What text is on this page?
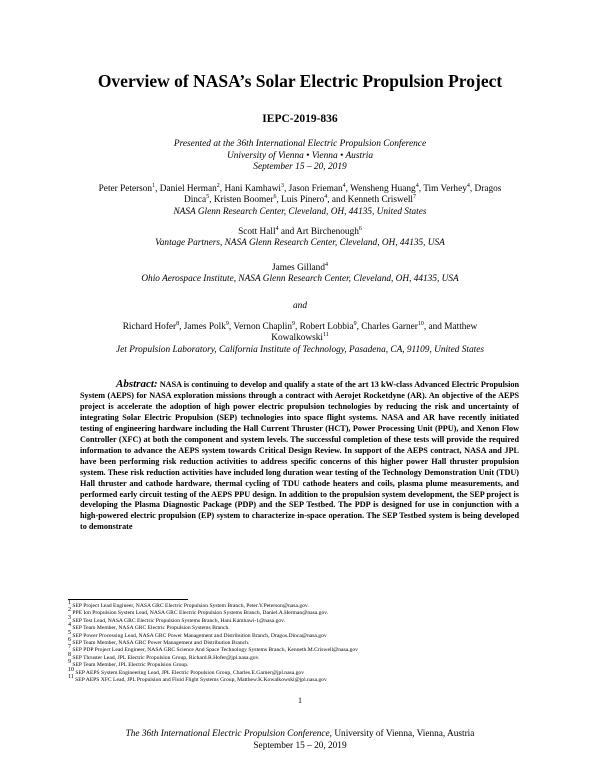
Overview of NASA’s Solar Electric Propulsion Project
IEPC-2019-836
Presented at the 36th International Electric Propulsion Conference
University of Vienna • Vienna • Austria
September 15 – 20, 2019
Peter Peterson$^1$, Daniel Herman$^2$, Hani Kamhawi$^3$, Jason Frieman$^4$, Wensheng Huang$^4$, Tim Verhey$^4$, Dragos
Dinca$^5$, Kristen Boomer$^6$, Luis Pinero$^4$, and Kenneth Criswell$^7$
NASA Glenn Research Center, Cleveland, OH, 44135, United States
Scott Hall$^4$ and Art Birchenough$^6$
Vantage Partners, NASA Glenn Research Center, Cleveland, OH, 44135, USA
James Gilland$^4$
Ohio Aerospace Institute, NASA Glenn Research Center, Cleveland, OH, 44135, USA
and
Richard Hofer$^8$, James Polk$^9$, Vernon Chaplin$^9$, Robert Lobbia$^9$, Charles Garner$^{10}$, and Matthew
Kowalkowski$^{11}$
Jet Propulsion Laboratory, California Institute of Technology, Pasadena, CA, 91109, United States
Abstract: NASA is continuing to develop and qualify a state of the art 13 kW-class Advanced Electric Propulsion System (AEPS) for NASA exploration missions through a contract with Aerojet Rocketdyne (AR). An objective of the AEPS project is accelerate the adoption of high power electric propulsion technologies by reducing the risk and uncertainty of integrating Solar Electric Propulsion (SEP) technologies into space flight systems. NASA and AR have recently initiated testing of engineering hardware including the Hall Current Thruster (HCT), Power Processing Unit (PPU), and Xenon Flow Controller (XFC) at both the component and system levels. The successful completion of these tests will provide the required information to advance the AEPS system towards Critical Design Review. In support of the AEPS contract, NASA and JPL have been performing risk reduction activities to address specific concerns of this higher power Hall thruster propulsion system. These risk reduction activities have included long duration wear testing of the Technology Demonstration Unit (TDU) Hall thruster and cathode hardware, thermal cycling of TDU cathode heaters and coils, plasma plume measurements, and performed early circuit testing of the AEPS PPU design. In addition to the propulsion system development, the SEP project is developing the Plasma Diagnostic Package (PDP) and the SEP Testbed. The PDP is designed for use in conjunction with a high-powered electric propulsion (EP) system to characterize in-space operation. The SEP Testbed system is being developed to demonstrate
$^1$ SEP Project Lead Engineer, NASA GRC Electric Propulsion System Branch, Peter.Y.Peterson@nasa.gov.
$^2$ PPE Ion Propulsion System Lead, NASA GRC Electric Propulsion Systems Branch, Daniel.A.Herman@nasa.gov.
$^3$ SEP Test Lead, NASA GRC Electric Propulsion Systems Branch, Hani.Kamhawi-1@nasa.gov.
$^4$ SEP Team Member, NASA GRC Electric Propulsion Systems Branch.
$^5$ SEP Power Processing Lead, NASA GRC Power Management and Distribution Branch, Dragos.Dinca@nasa.gov
$^6$ SEP Team Member, NASA GRC Power Management and Distribution Branch.
$^7$ SEP PDP Project Lead Engineer, NASA GRC Science And Space Technology Systems Branch, Kenneth.M.Criswell@nasa.gov
$^8$ SEP Thruster Lead, JPL Electric Propulsion Group, Richard.R.Hofer@jpl.nasa.gov.
$^9$ SEP Team Member, JPL Electric Propulsion Group.
$^{10}$ SEP AEPS System Engineering Lead, JPL Electric Propulsion Group, Charles.E.Garner@jpl.nasa.gov
$^{11}$ SEP AEPS XFC Lead, JPL Propulsion and Fluid Flight Systems Group, Matthew.K.Kowalkowski@jpl.nasa.gov
1
The 36th International Electric Propulsion Conference, University of Vienna, Vienna, Austria
September 15 – 20, 2019
